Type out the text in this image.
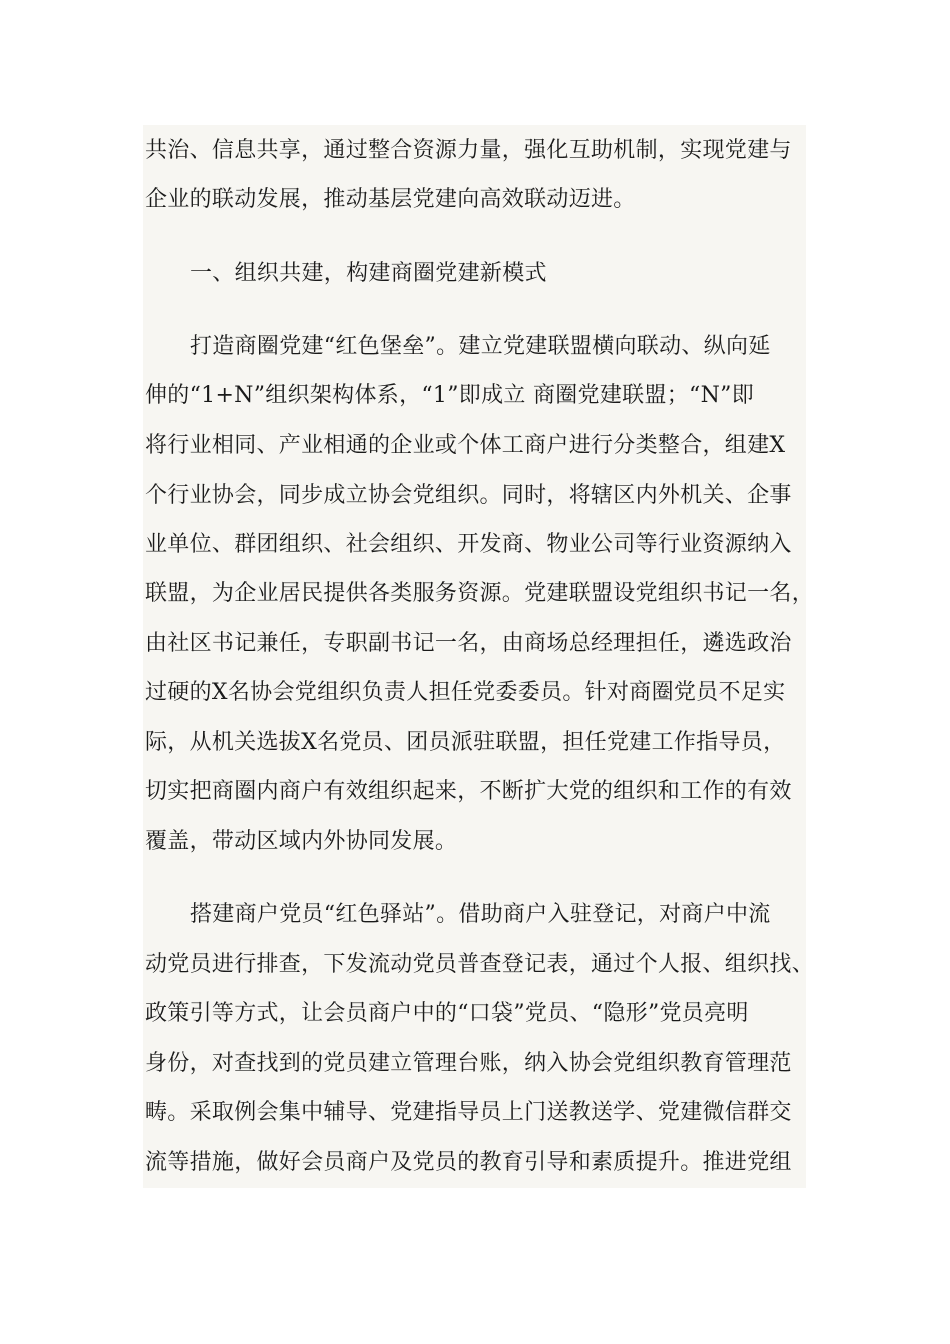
共治、信息共享，通过整合资源力量，强化互助机制，实现党建与
企业的联动发展，推动基层党建向高效联动迈进。
一、组织共建，构建商圈党建新模式
打造商圈党建“红色堡垒”。建立党建联盟横向联动、纵向延
伸的“1+N”组织架构体系，“1”即成立 商圈党建联盟；“N”即
将行业相同、产业相通的企业或个体工商户进行分类整合，组建X
个行业协会，同步成立协会党组织。同时，将辖区内外机关、企事
业单位、群团组织、社会组织、开发商、物业公司等行业资源纳入
联盟，为企业居民提供各类服务资源。党建联盟设党组织书记一名，
由社区书记兼任，专职副书记一名，由商场总经理担任，遴选政治
过硬的X名协会党组织负责人担任党委委员。针对商圈党员不足实
际，从机关选拔X名党员、团员派驻联盟，担任党建工作指导员，
切实把商圈内商户有效组织起来，不断扩大党的组织和工作的有效
覆盖，带动区域内外协同发展。
搭建商户党员“红色驿站”。借助商户入驻登记，对商户中流
动党员进行排查，下发流动党员普查登记表，通过个人报、组织找、
政策引等方式，让会员商户中的“口袋”党员、“隐形”党员亮明
身份，对查找到的党员建立管理台账，纳入协会党组织教育管理范
畴。采取例会集中辅导、党建指导员上门送教送学、党建微信群交
流等措施，做好会员商户及党员的教育引导和素质提升。推进党组
